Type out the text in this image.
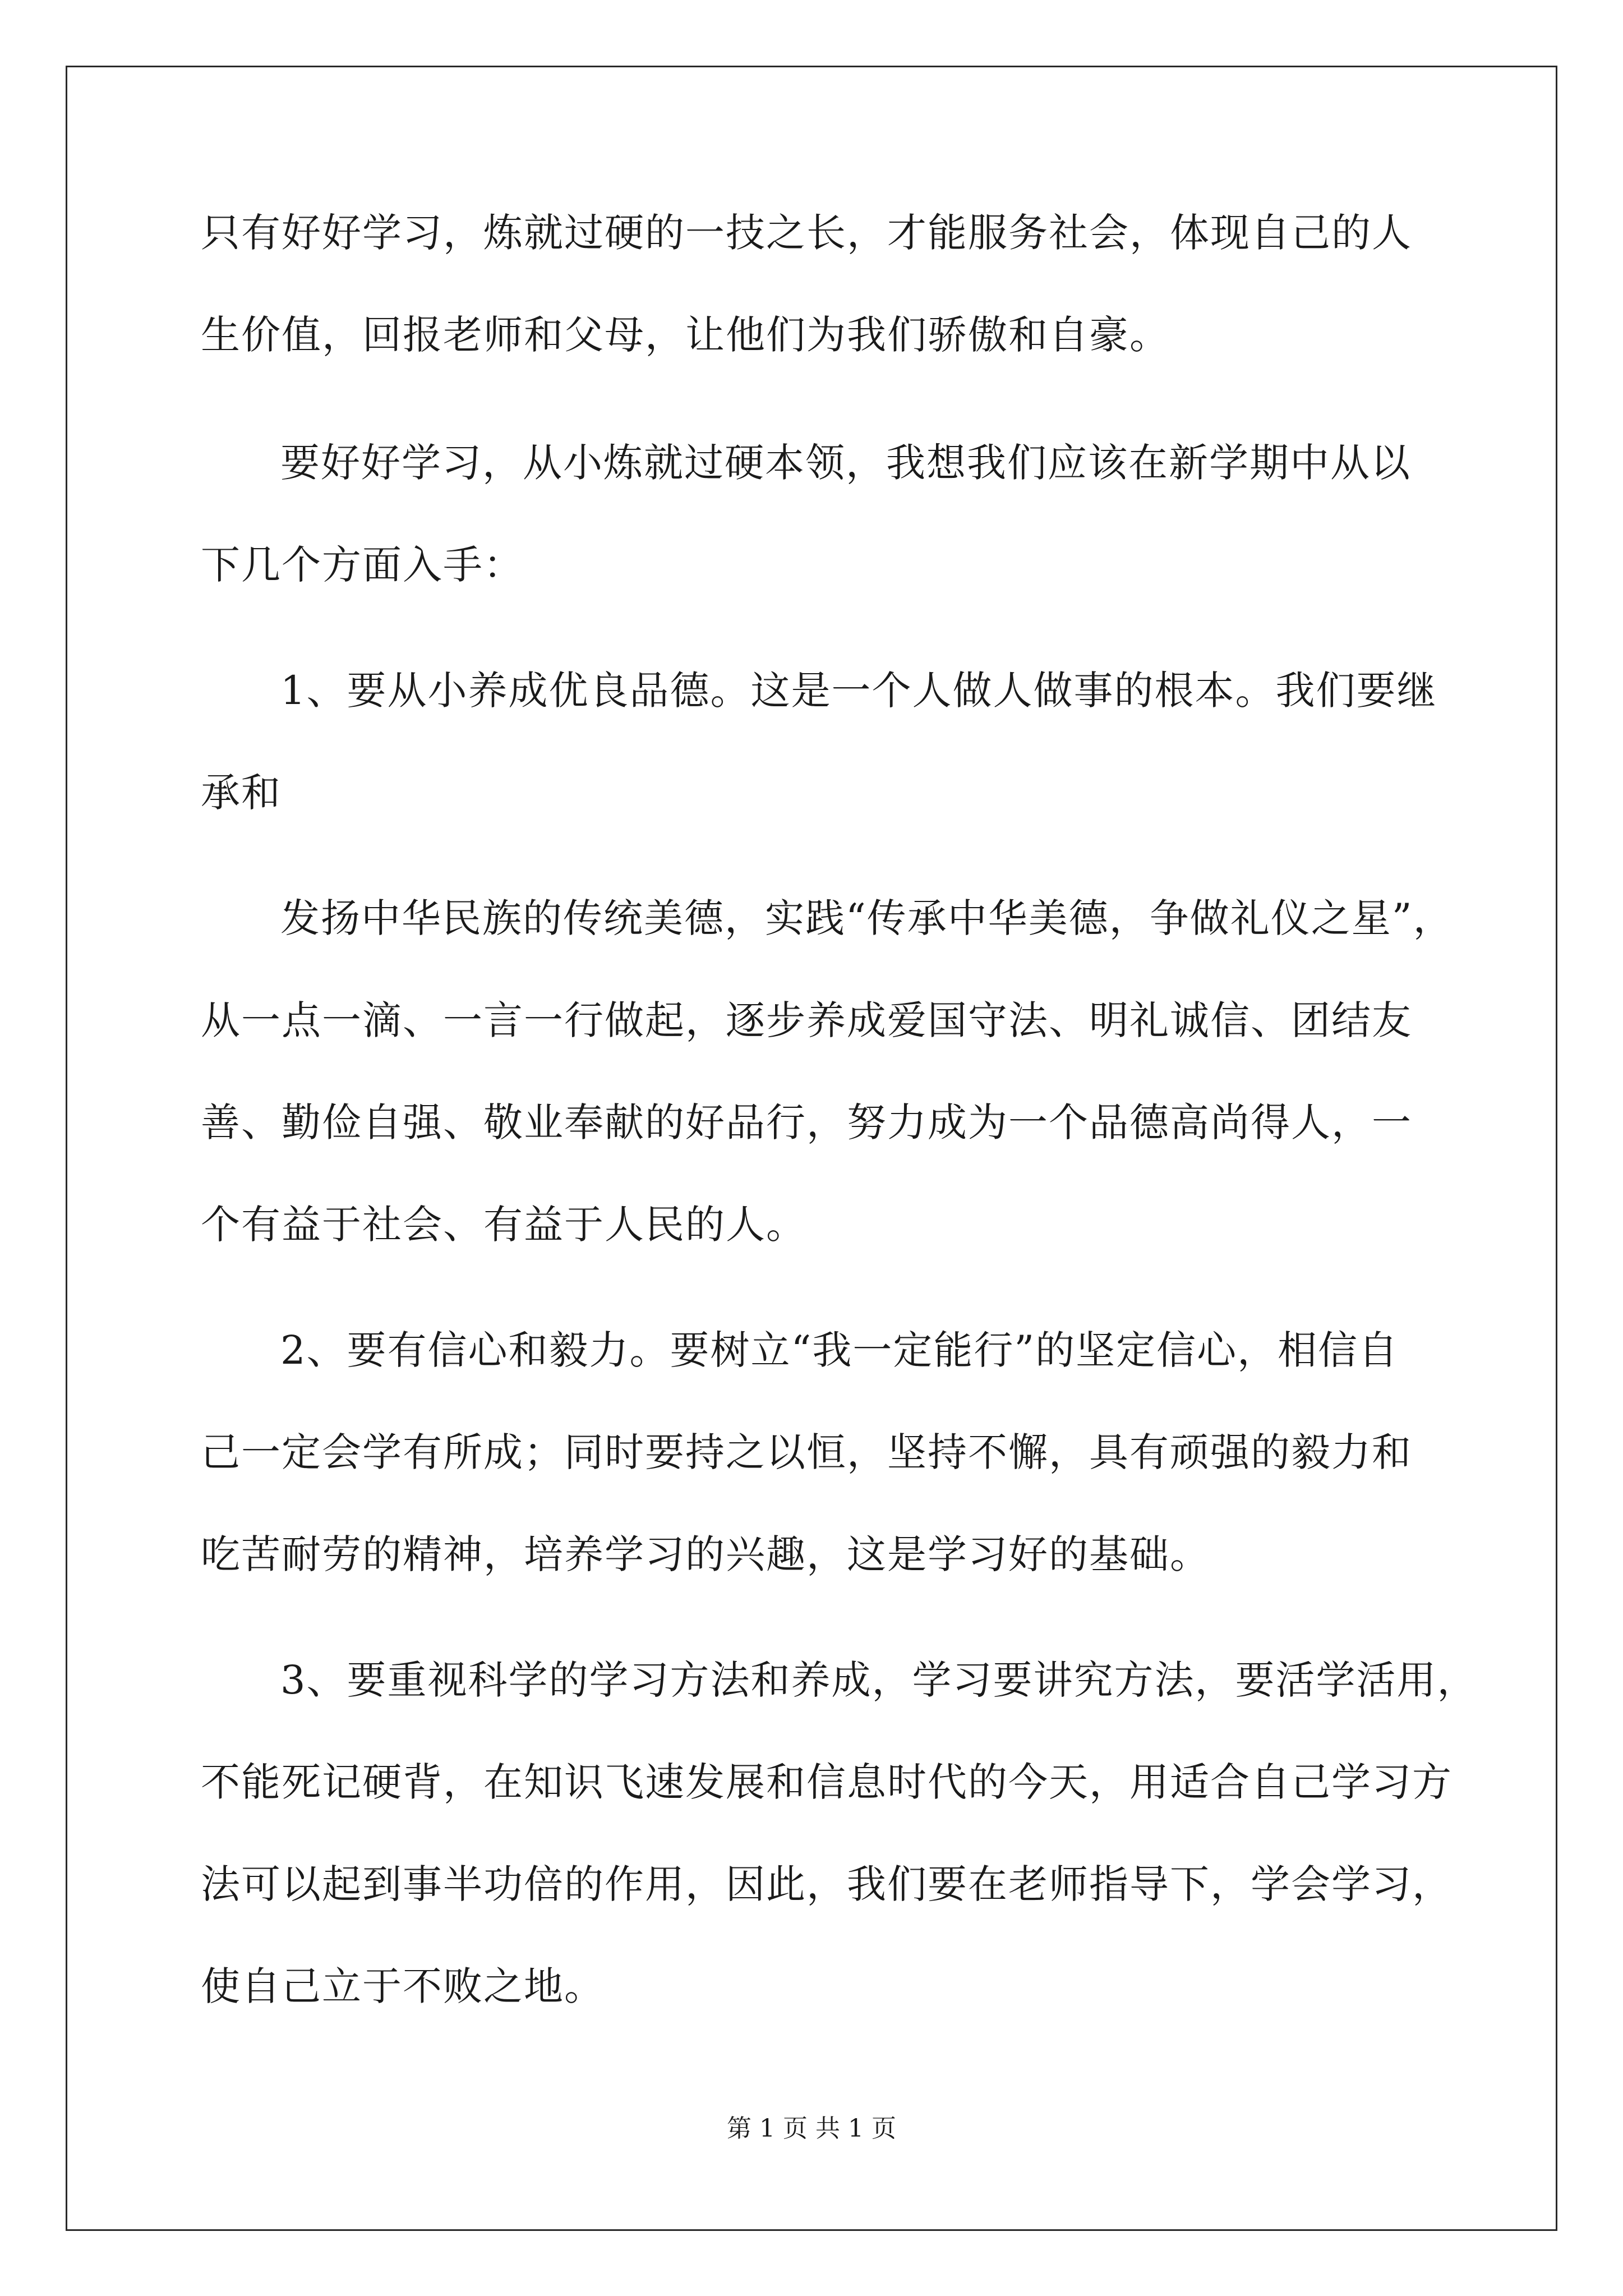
只有好好学习，炼就过硬的一技之长，才能服务社会，体现自己的人
生价值，回报老师和父母，让他们为我们骄傲和自豪。
要好好学习，从小炼就过硬本领，我想我们应该在新学期中从以
下几个方面入手：
1、要从小养成优良品德。这是一个人做人做事的根本。我们要继
承和
发扬中华民族的传统美德，实践“传承中华美德，争做礼仪之星”，
从一点一滴、一言一行做起，逐步养成爱国守法、明礼诚信、团结友
善、勤俭自强、敬业奉献的好品行，努力成为一个品德高尚得人，一
个有益于社会、有益于人民的人。
2、要有信心和毅力。要树立“我一定能行”的坚定信心，相信自
己一定会学有所成；同时要持之以恒，坚持不懈，具有顽强的毅力和
吃苦耐劳的精神，培养学习的兴趣，这是学习好的基础。
3、要重视科学的学习方法和养成，学习要讲究方法，要活学活用，
不能死记硬背，在知识飞速发展和信息时代的今天，用适合自己学习方
法可以起到事半功倍的作用，因此，我们要在老师指导下，学会学习，
使自己立于不败之地。
第 1 页 共 1 页
